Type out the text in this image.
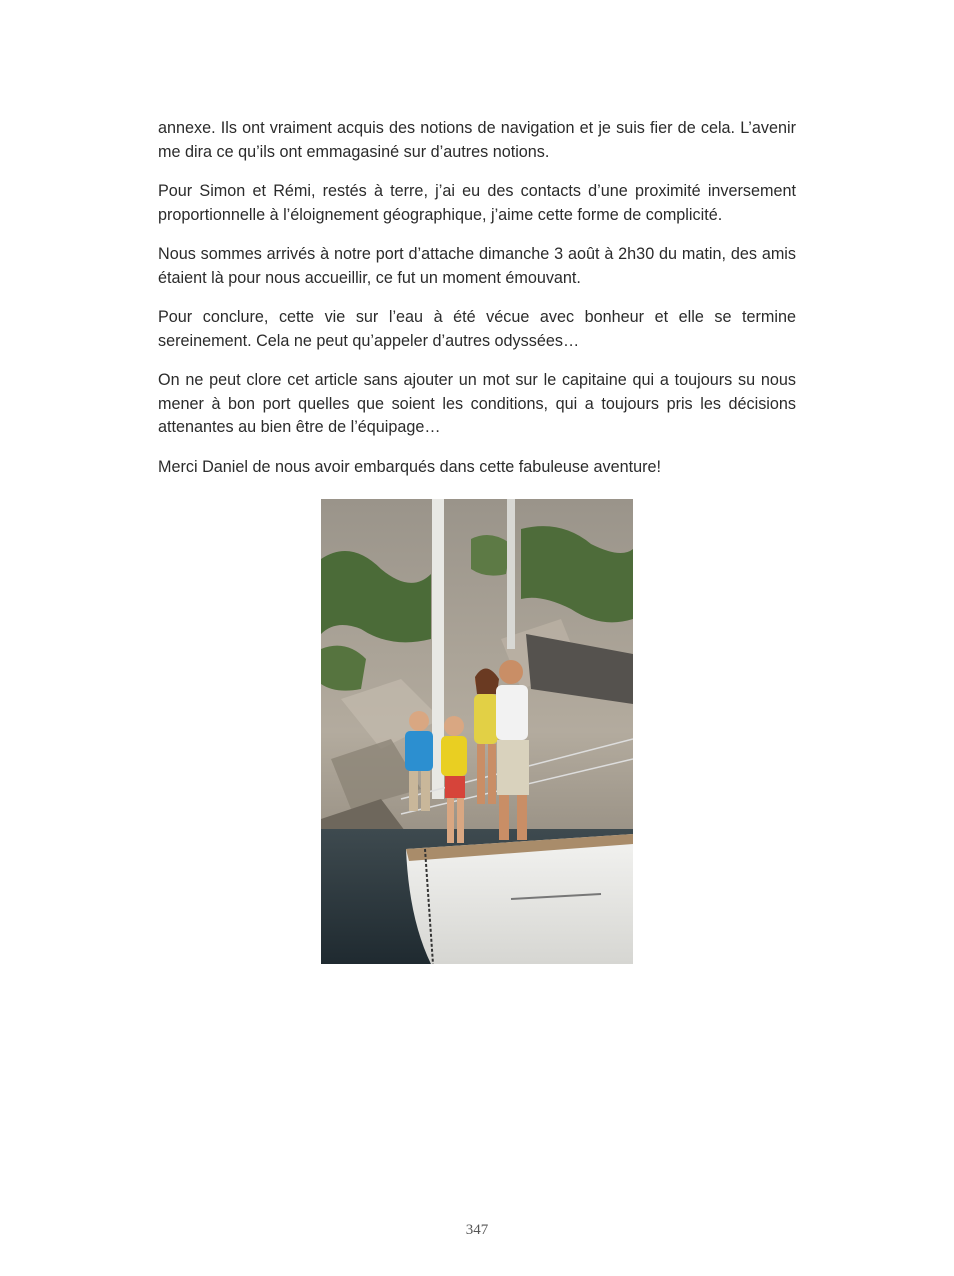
annexe. Ils ont vraiment acquis des notions de navigation et je suis fier de cela. L’avenir me dira ce qu’ils ont emmagasiné sur d’autres notions.

Pour Simon et Rémi, restés à terre, j’ai eu des contacts d’une proximité inversement proportionnelle à l’éloignement géographique, j’aime cette forme de complicité.

Nous sommes arrivés à notre port d’attache dimanche 3 août à 2h30 du matin, des amis étaient là pour nous accueillir, ce fut un moment émouvant.

Pour conclure, cette vie sur l’eau à été vécue avec bonheur et elle se termine sereinement. Cela ne peut qu’appeler d’autres odyssées…

On ne peut clore cet article sans ajouter un mot sur le capitaine qui a toujours su nous mener à bon port quelles que soient les conditions, qui a toujours pris les décisions attenantes au bien être de l’équipage…

Merci Daniel de nous avoir embarqués dans cette fabuleuse aventure!

347
